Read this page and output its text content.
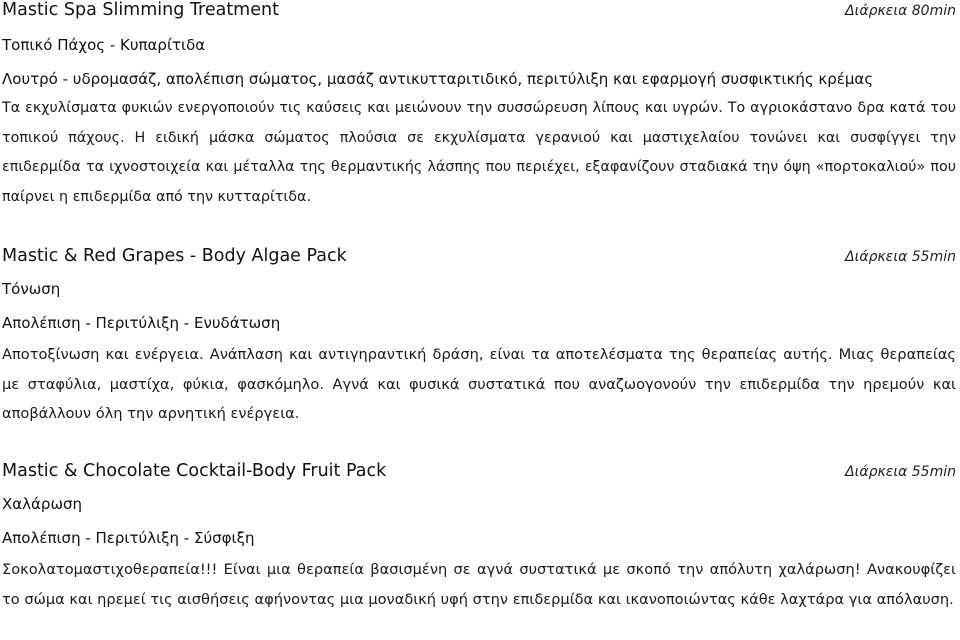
Mastic Spa Slimming Treatment	Διάρκεια 80min
Τοπικό Πάχος - Κυπαρίτιδα
Λουτρό - υδρομασάζ, απολέπιση σώματος, μασάζ αντικυτταριτιδικό, περιτύλιξη και εφαρμογή συσφικτικής κρέμας

Τα εκχυλίσματα φυκιών ενεργοποιούν τις καύσεις και μειώνουν την συσσώρευση λίπους και υγρών. Το αγριοκάστανο δρα κατά του τοπικού πάχους. Η ειδική μάσκα σώματος πλούσια σε εκχυλίσματα γερανιού και μαστιχελαίου τονώνει και συσφίγγει την επιδερμίδα τα ιχνοστοιχεία και μέταλλα της θερμαντικής λάσπης που περιέχει, εξαφανίζουν σταδιακά την όψη «πορτοκαλιού» που παίρνει η επιδερμίδα από την κυτταρίτιδα.

Mastic & Red Grapes - Body Algae Pack	Διάρκεια 55min
Τόνωση
Απολέπιση - Περιτύλιξη - Ενυδάτωση

Αποτοξίνωση και ενέργεια. Ανάπλαση και αντιγηραντική δράση, είναι τα αποτελέσματα της θεραπείας αυτής. Μιας θεραπείας με σταφύλια, μαστίχα, φύκια, φασκόμηλο. Αγνά και φυσικά συστατικά που αναζωογονούν την επιδερμίδα την ηρεμούν και αποβάλλουν όλη την αρνητική ενέργεια.

Mastic & Chocolate Cocktail-Body Fruit Pack	Διάρκεια 55min
Χαλάρωση
Απολέπιση - Περιτύλιξη - Σύσφιξη

Σοκολατομαστιχοθεραπεία!!! Είναι μια θεραπεία βασισμένη σε αγνά συστατικά με σκοπό την απόλυτη χαλάρωση! Ανακουφίζει το σώμα και ηρεμεί τις αισθήσεις αφήνοντας μια μοναδική υφή στην επιδερμίδα και ικανοποιώντας κάθε λαχτάρα για απόλαυση.
